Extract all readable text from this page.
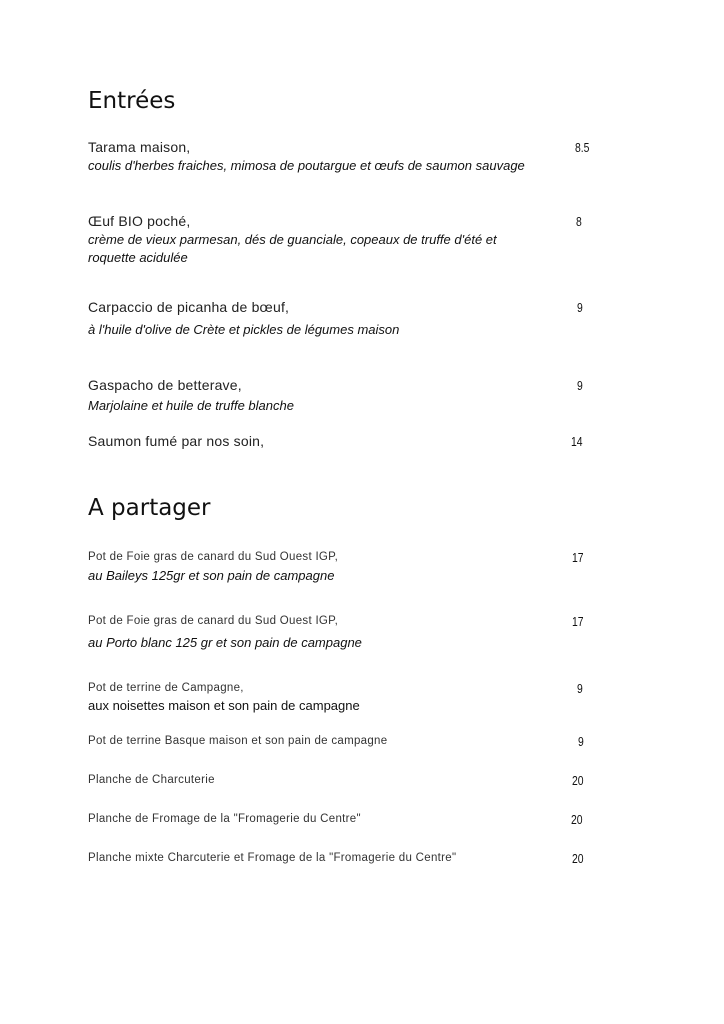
Entrées
Tarama maison,
coulis d'herbes fraiches, mimosa de poutargue et œufs de saumon sauvage
8.5
Œuf BIO poché,
crème de vieux parmesan, dés de guanciale, copeaux de truffe d'été et
roquette acidulée
8
Carpaccio de picanha de bœuf,
à l'huile d'olive de Crète et pickles de légumes maison
9
Gaspacho de betterave,
Marjolaine et huile de truffe blanche
9
Saumon fumé par nos soin,	14
A partager
Pot de Foie gras de canard du Sud Ouest IGP,
au Baileys 125gr et son pain de campagne
17
Pot de Foie gras de canard du Sud Ouest IGP,
au Porto blanc 125 gr et son pain de campagne
17
Pot de terrine de Campagne,
aux noisettes maison et son pain de campagne
9
Pot de terrine Basque maison et son pain de campagne	9
Planche de Charcuterie	20
Planche de Fromage de la "Fromagerie du Centre"	20
Planche mixte Charcuterie et Fromage de la "Fromagerie du Centre"	20
